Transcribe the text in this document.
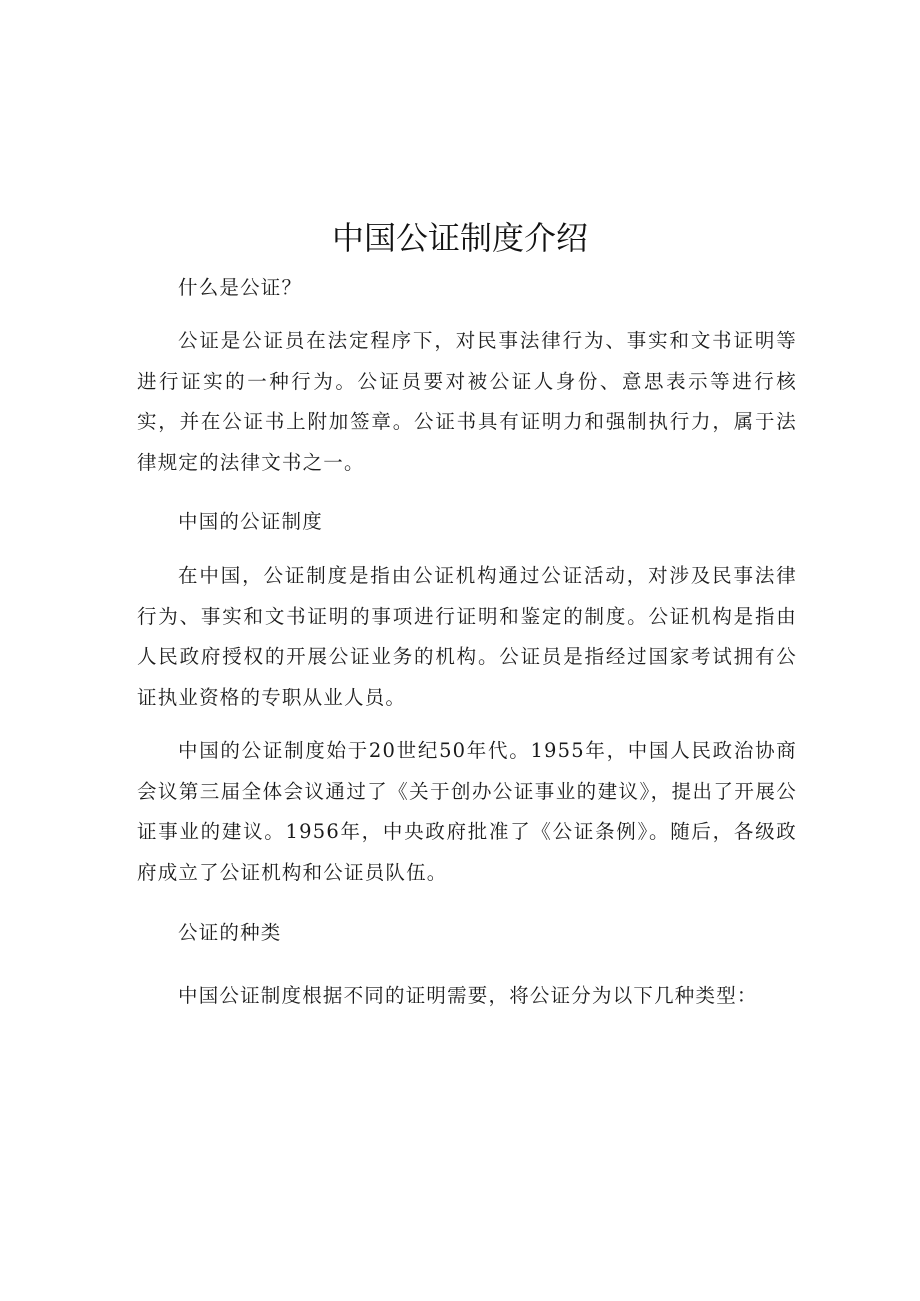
中国公证制度介绍

什么是公证？

公证是公证员在法定程序下，对民事法律行为、事实和文书证明等进行证实的一种行为。公证员要对被公证人身份、意思表示等进行核实，并在公证书上附加签章。公证书具有证明力和强制执行力，属于法律规定的法律文书之一。

中国的公证制度

在中国，公证制度是指由公证机构通过公证活动，对涉及民事法律行为、事实和文书证明的事项进行证明和鉴定的制度。公证机构是指由人民政府授权的开展公证业务的机构。公证员是指经过国家考试拥有公证执业资格的专职从业人员。

中国的公证制度始于20世纪50年代。1955年，中国人民政治协商会议第三届全体会议通过了《关于创办公证事业的建议》，提出了开展公证事业的建议。1956年，中央政府批准了《公证条例》。随后，各级政府成立了公证机构和公证员队伍。

公证的种类

中国公证制度根据不同的证明需要，将公证分为以下几种类型：
